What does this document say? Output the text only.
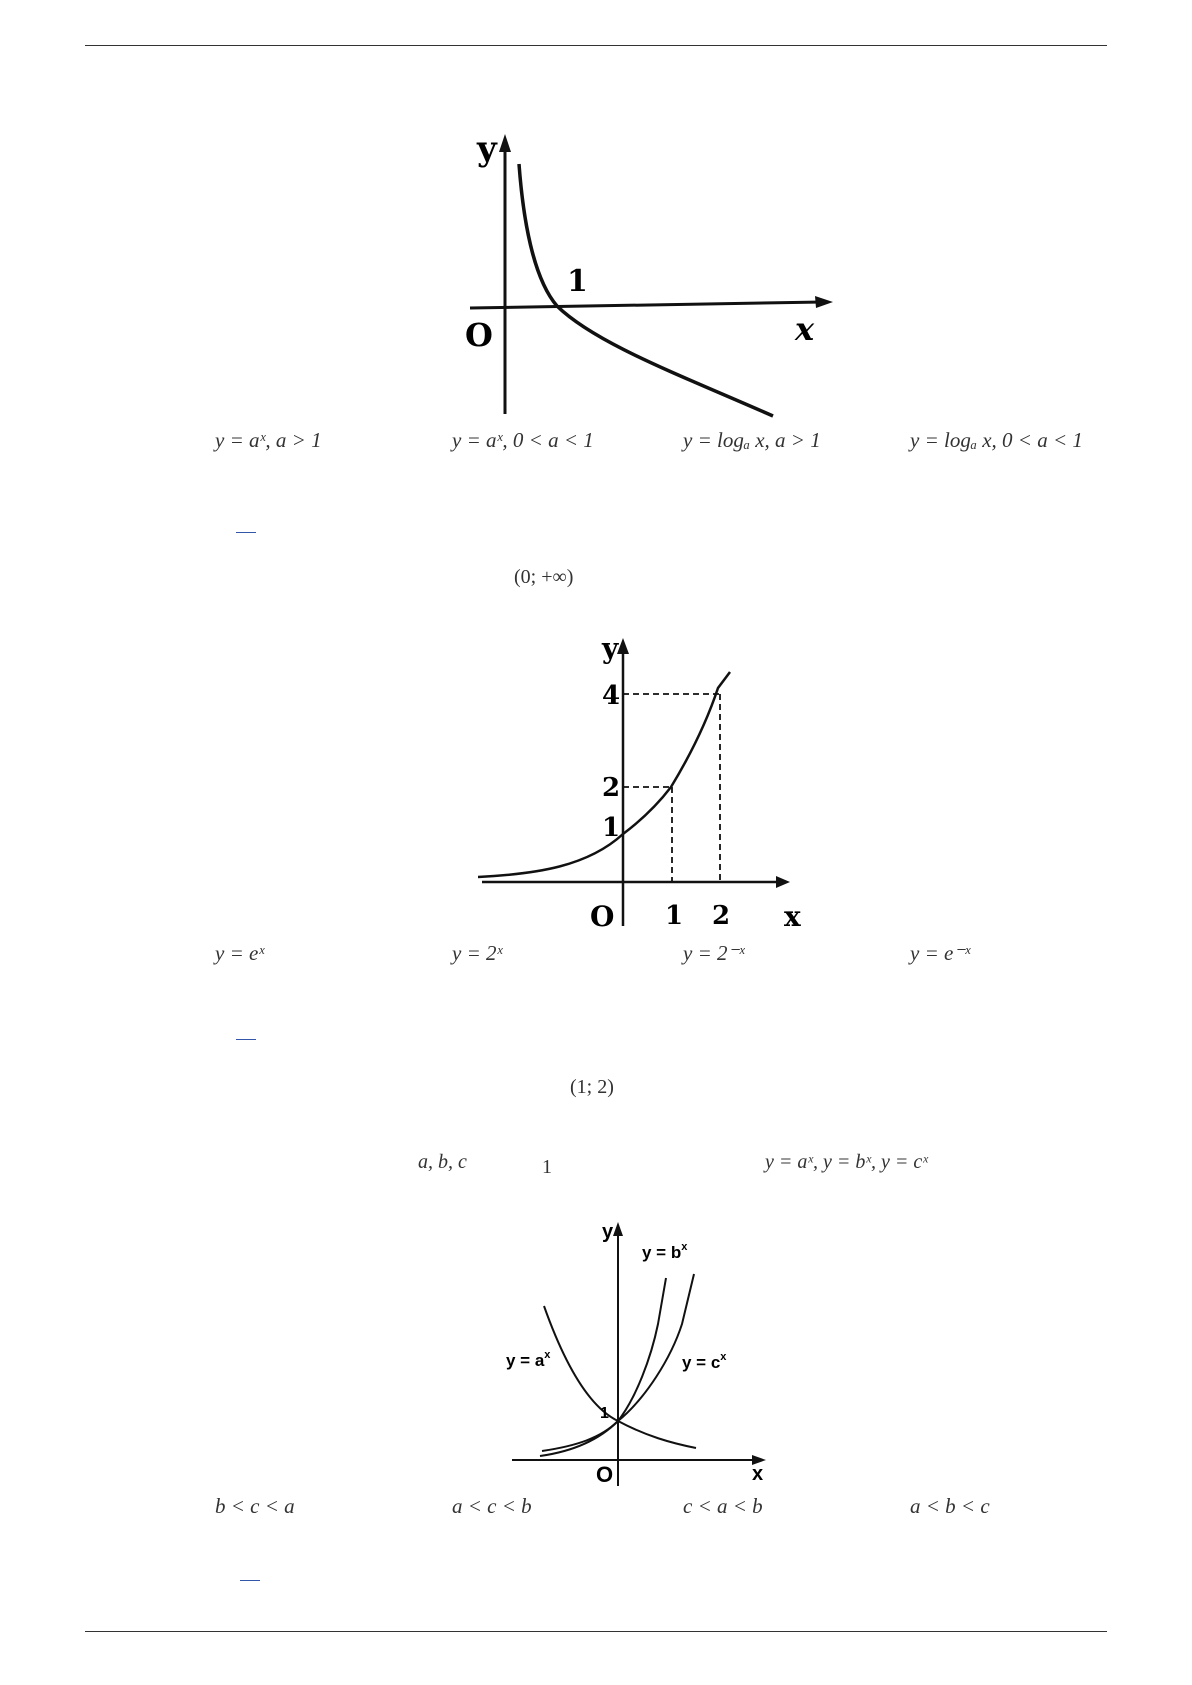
y
x
O
1
y = aˣ, a > 1	y = aˣ, 0 < a < 1	y = logₐ x, a > 1	y = logₐ x, 0 < a < 1
(0; +∞)
y
x
O
4
2
1
1 2
y = eˣ	y = 2ˣ	y = 2⁻ˣ	y = e⁻ˣ
(1; 2)
a, b, c	1	y = aˣ, y = bˣ, y = cˣ
y
x
O
1
$y = a^x$
$y = b^x$
$y = c^x$
b < c < a	a < c < b	c < a < b	a < b < c
